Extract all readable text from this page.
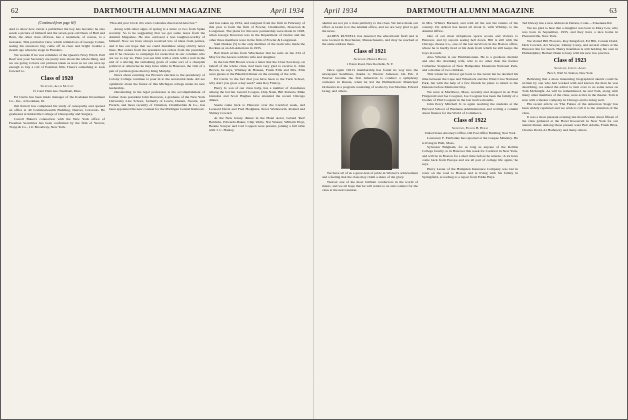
62	DARTMOUTH ALUMNI MAGAZINE	April 1934
(Continued from page 60)

And to show how clever a publicitier the boy has become; he also sends a picture of himself and the seven-year-old Dean of Bull and Bern, the other class officers, has a testament, of course, to a treasurer. This particular view, which reminds us of George Cohan, seeing his ancestors big, came off in clear and bright trouble a month ago when he stage in Flanders.

We wonder if he was reminder of the Queen's Navy Witch. Pull Reef was your Secretary are pretty sure about the whole thing, and we are going to have our pictures taken as soon as we can save up enough to buy a roll of Eastman film. There's something to look forward to.

Class of 1920
Secretary, Allan M. Cate
15 Court Plain Ave. Needham, Mass.

Ed Curtis has been made manager of the Kodaken Investment Co., Inc., at Kodaken, Ill.

Jim Parrott has completed his study of osteopathy and opened an office at 40 Commonwealth Building, Denver, Colorado. He graduated at Kirksville College of Osteopathy and Surgery.

Carroll Baker's connection with the New York office of Freeman Securities has been confirmed by the firm of Yerrow, Trapp & Co., 111 Broadway, New York.

"How did your Uncle Jim when Columbus discovered America?"

Along with other signs of spring is a letter or two from Spike recently. So is he suggesting that we get some notes from the Alumni Magazine. He also enclosed a less laughter-worthy of himself. Now we have always received lots of ideas from parties, and it has our hope that we could maximize along strictly news lines. But orders from the president are orders from the president, and if he chooses to campaign for reelection in our columns who are we to say no. Here you see him with a stick with a nail in the end of a stirring the remaining grain of some sort of a cheapish political or otherwise he may have while in Hanover, the visit of a pair of partisan grass men by King Murphy.

News about eventing Joe Brown's election to the presidency of Colony College continue to pour in to the secretarial desk. All are optimistic about the future of this Michigan college under its new leadership.

Outstanding in the legal profession is the accomplishment of former class president John Donovan, a graduate of the New York University Law School, formerly of Lewis, Durant, Swartz, and French, and more recently of Chisman, Chamberlain & Co., has been appointed the new counsel for the Michigan Central Railroad.

and has taken up 1934, and resigned from the firm in February of this year to form the firm of Fowler, Chamberlin, Donovan & Longstreet. The plans for this new partnership were made in 1928, when George Donovan was in the Department of Justice and the other three members were in the firm of Fowler & Longstreet.

Sam Durkee (5) is the only member of the team who made the Rockies as an All-American in 1933.

Bob Rush writes from Winchester that he sails on the 23d of May for the Azores with his wife and daughter.

In the late Bill Brown wrote a letter that the Class Secretary, on behalf of the whole class, had been very glad to receive it. John Brown, he says, Whitney & Hansen, Frank Ellis and Mrs. Ellis were guests at the Bluebird dinner on the evening of the 12th.

Ed Curtis 'to the fact that you have been to the Tuck School, why don't you grow a hay seed?' asks Roy Fitzroy.

Harry Jr, son of our class baby, has a number of classmates among the lad list. Gerald Coogan, Chip Nash, Bill Roberts, Mike Glendon and Scott Hughes have attended the recent Chicago dinner.

Steele came back to Hanover over the Carnival week, and Leonard Davis and Fred Hodgkins, Perce Wadsworth, Roland and Shirley Coward.

At the New Jersey dinner in the Hotel Astor, Leland 'Red' Baldwin, Edwards-Baker, Chip Wells, Nat Wasser, William Hoyt, Beanie Sawyer and Carl Coppen were present, joining a full table with J. C. Hanley.

April 1934	DARTMOUTH ALUMNI MAGAZINE	63

alumni are not yet a class publicity to the class. We have made our effort. A Grant is to the Alumni office, and we are very glad to get the news.

ALDEN RUSSELL has deserted the educational field and is now located in Dorchester, Massachusetts, and may be reached at the same address there.

Class of 1921
Secretary, Herrick Brown
1 Eaton Road, New Rochelle, N. Y.

Once again 1921's membership has found its way into the newspaper headlines, thanks to Weaver Jameson. On Feb. 6 Weaver became the first American to conduct a symphony orchestra in Russia, when he led the Philharmonic Municipal Orchestra in a program consisting of works by Jan Sibelius, Edvard Grieg, and others.

We have all of us a great deal of pride in Weaver's achievement and a feeling that the class may claim a share of the glory.

Weaver one of the most brilliant conductors in the world of music, and we all hope that he will return to us and conduct for the class at the next reunion.

in Mrs. White's Barnard, and with all the rest the talents of the country. Dr. Abbott has heard all about it, with Whitley, to the Alumni Office.

One of our most ubiquitous sports scouts and visitors to Hanover, and by reports seeing hell down. Bill is still with the Chicago cheese Co., one of the last survivors in the Boston office, where he is hardly tired at his desk from which he still keeps the boys in touch.

Also Whelan is our Hambletonian. He is a graduate chemist and also his charming wife, who is no other than the former Catherine Stapleton of New Hampshire Mountain National Park, and a mother of two children.

This winter he did not get back to the Grant but he decided his time between the Cape and Wheelock and the Wind Cave National Park, but with the help of a few friends he plans to return to the Dakotas before Memorial Day.

We were at Marilboro, Mass. recently and dropped in on Fran Fitzgerald and Joe Coogster, Joe Coogster has been the family of a brother of Phil Coogster in the last twelve months.

John Percy Mitchell Jr. is again teaching the students at the Harvard School of Business Administration and writing a column about finance for the World of Commerce.

Class of 1922
Secretary, Francis H. Horan
United States Attorney's Office, Old Post Office Building, New York

Lawrence F. Fairbanks has reported at the Gaspee Ministry. He is living in Hull, Mass.

Sylvester Bingham, for as long as anyone of the Rollins College faculty, is in Hanover this week for Carnival in New York, and will be in Boston for a short time before he returns. 'A lot have come back from Europe and are all part of college life again,' he says.

Harry Lester of the Hampden Insurance Company was last in town on the road to Boston and is living with his family in Springfield, according to a report from Eddie Hays.

Ted Dewey has a new address in Darien, Conn.—Tokeneke Rd.

We are glad to hear that a daughter was born to Mary Lou, who was born in September, 1933, and they have a nice home in Pleasantville, New York.

We visited Bill Flowers, Roy Kingsford, Ed Hill, Connie Dodd, Dick Coward, Art Sawyer, Johnny Carey, and several others at the Hanover Inn for lunch. Henry Kaufman is still holding his own in Philadelphia; Herbert Dunn is busy with his new law practice.

Class of 1923
Secretary, John C. Allen
Box 5, Wall St. Station, New York

Believing that a more interesting biographical sketch could be written by one who had worked with and known the man he was describing, we asked the editor to turn over to us some notes on Tom McKnight. As will be remembered, he and Tom, along with many other members of the class, were active in the theater. Tom is now with a theater company in Chicago and is doing well.

His recent article on 'The Future of the American Stage' has been widely reprinted and we wish to call it to the attention of the class.

It was a most pleasant evening last month when about fifteen of the class gathered at the Hotel Roosevelt in New York for our annual dinner. Among those present were Bob Adams, Frank Bliss, Charles Dodd, Al Hathaway and many others.
